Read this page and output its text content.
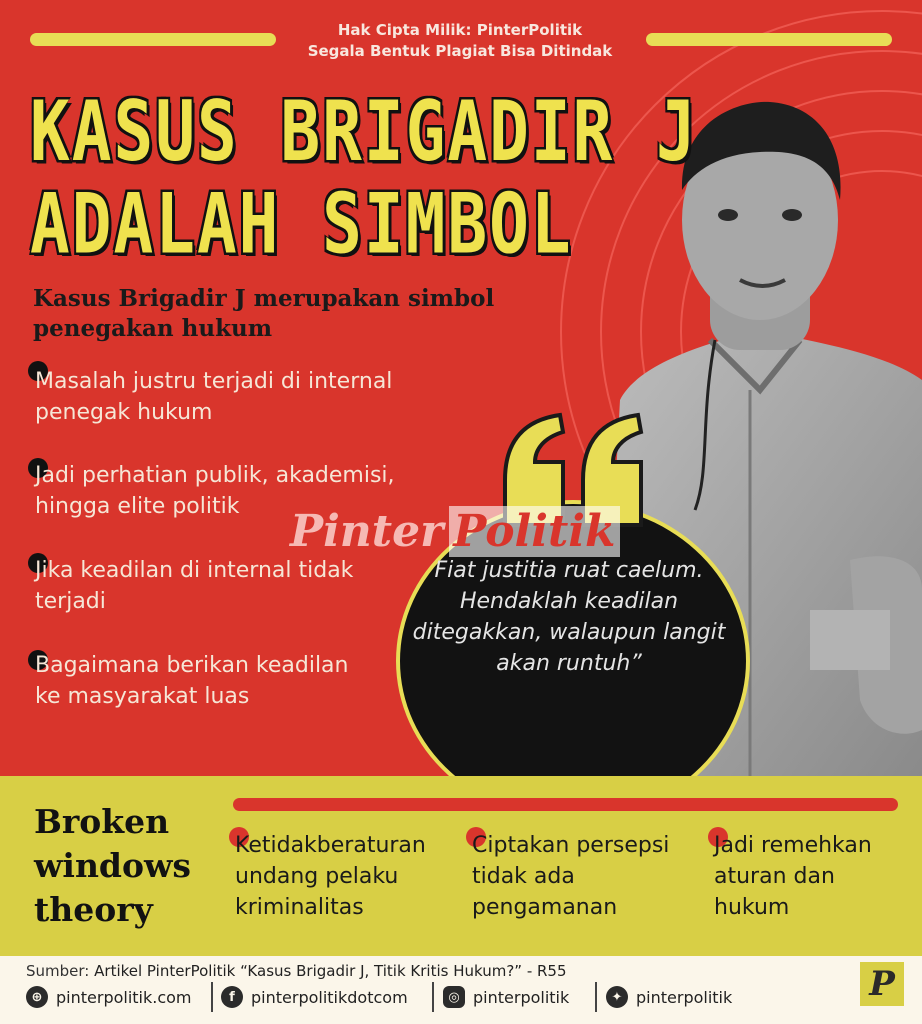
Hak Cipta Milik: PinterPolitik
Segala Bentuk Plagiat Bisa Ditindak
KASUS BRIGADIR J
ADALAH SIMBOL
Kasus Brigadir J merupakan simbol penegakan hukum
Masalah justru terjadi di internal penegak hukum
Jadi perhatian publik, akademisi, hingga elite politik
Jika keadilan di internal tidak terjadi
Bagaimana berikan keadilan ke masyarakat luas
Fiat justitia ruat caelum. Hendaklah keadilan ditegakkan, walaupun langit akan runtuh”
Pinter Politik
Broken windows theory
Ketidakberaturan undang pelaku kriminalitas
Ciptakan persepsi tidak ada pengamanan
Jadi remehkan aturan dan hukum
Sumber: Artikel PinterPolitik “Kasus Brigadir J, Titik Kritis Hukum?” - R55
⊕ pinterpolitik.com	f	pinterpolitikdotcom	◎ pinterpolitik	✦ pinterpolitik	P
